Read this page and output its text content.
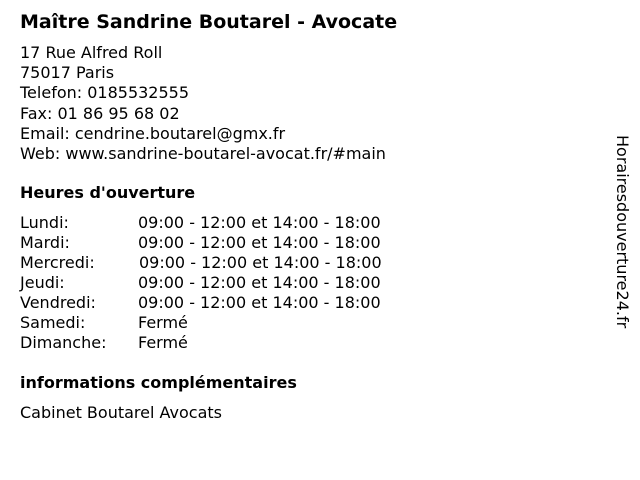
Maître Sandrine Boutarel - Avocate
17 Rue Alfred Roll
75017 Paris
Telefon: 0185532555
Fax: 01 86 95 68 02
Email: cendrine.boutarel@gmx.fr
Web: www.sandrine-boutarel-avocat.fr/#main
Heures d'ouverture
Lundi:	09:00 - 12:00 et 14:00 - 18:00
Mardi:	09:00 - 12:00 et 14:00 - 18:00
Mercredi:	09:00 - 12:00 et 14:00 - 18:00
Jeudi:	09:00 - 12:00 et 14:00 - 18:00
Vendredi:	09:00 - 12:00 et 14:00 - 18:00
Samedi:	Fermé
Dimanche: Fermé
informations complémentaires
Cabinet Boutarel Avocats
Horairesdouverture24.fr
